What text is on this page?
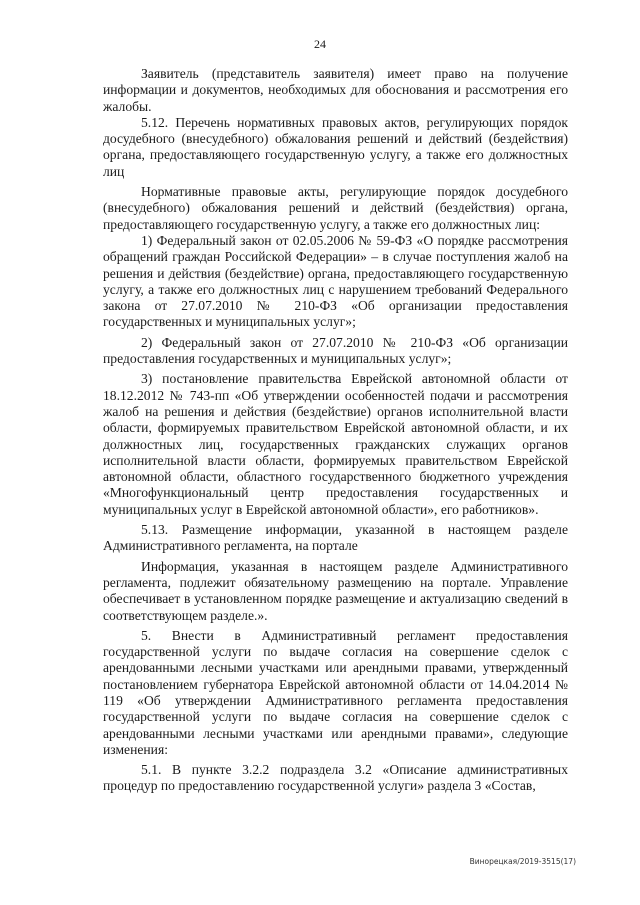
24

Заявитель (представитель заявителя) имеет право на получение информации и документов, необходимых для обоснования и рассмотрения его жалобы.

5.12. Перечень нормативных правовых актов, регулирующих порядок досудебного (внесудебного) обжалования решений и действий (бездействия) органа, предоставляющего государственную услугу, а также его должностных лиц

Нормативные правовые акты, регулирующие порядок досудебного (внесудебного) обжалования решений и действий (бездействия) органа, предоставляющего государственную услугу, а также его должностных лиц:

1) Федеральный закон от 02.05.2006 № 59-ФЗ «О порядке рассмотрения обращений граждан Российской Федерации» – в случае поступления жалоб на решения и действия (бездействие) органа, предоставляющего государственную услугу, а также его должностных лиц с нарушением требований Федерального закона от 27.07.2010 № 210-ФЗ «Об организации предоставления государственных и муниципальных услуг»;

2) Федеральный закон от 27.07.2010 № 210-ФЗ «Об организации предоставления государственных и муниципальных услуг»;

3) постановление правительства Еврейской автономной области от 18.12.2012 № 743-пп «Об утверждении особенностей подачи и рассмотрения жалоб на решения и действия (бездействие) органов исполнительной власти области, формируемых правительством Еврейской автономной области, и их должностных лиц, государственных гражданских служащих органов исполнительной власти области, формируемых правительством Еврейской автономной области, областного государственного бюджетного учреждения «Многофункциональный центр предоставления государственных и муниципальных услуг в Еврейской автономной области», его работников».

5.13. Размещение информации, указанной в настоящем разделе Административного регламента, на портале

Информация, указанная в настоящем разделе Административного регламента, подлежит обязательному размещению на портале. Управление обеспечивает в установленном порядке размещение и актуализацию сведений в соответствующем разделе.».

5. Внести в Административный регламент предоставления государственной услуги по выдаче согласия на совершение сделок с арендованными лесными участками или арендными правами, утвержденный постановлением губернатора Еврейской автономной области от 14.04.2014 № 119 «Об утверждении Административного регламента предоставления государственной услуги по выдаче согласия на совершение сделок с арендованными лесными участками или арендными правами», следующие изменения:

5.1. В пункте 3.2.2 подраздела 3.2 «Описание административных процедур по предоставлению государственной услуги» раздела 3 «Состав,

Винорецкая/2019-3515(17)
